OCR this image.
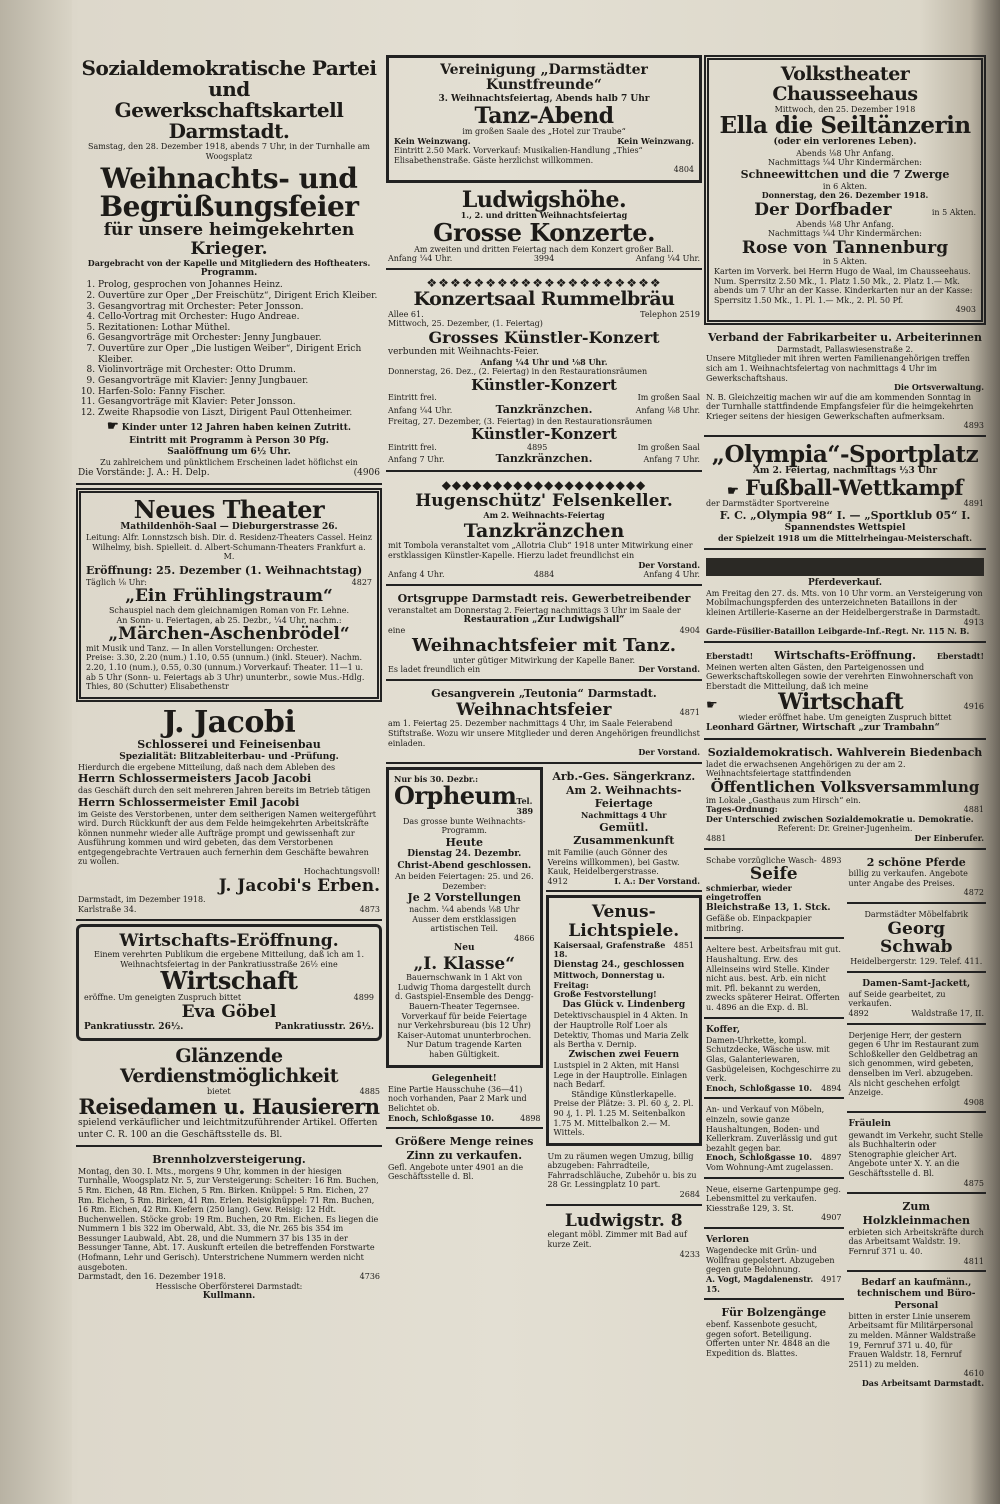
Sozialdemokratische Partei und
Gewerkschaftskartell Darmstadt.
Samstag, den 28. Dezember 1918, abends 7 Uhr, in der Turnhalle am Woogsplatz
Weihnachts- und
Begrüßungsfeier
für unsere heimgekehrten Krieger.
Dargebracht von der Kapelle und Mitgliedern des Hoftheaters.
Programm.
1. Prolog, gesprochen von Johannes Heinz.
2. Ouvertüre zur Oper „Der Freischütz“, Dirigent Erich Kleiber.
3. Gesangvortrag mit Orchester: Peter Jonsson.
4. Cello-Vortrag mit Orchester: Hugo Andreae.
5. Rezitationen: Lothar Müthel.
6. Gesangvorträge mit Orchester: Jenny Jungbauer.
7. Ouvertüre zur Oper „Die lustigen Weiber“, Dirigent Erich Kleiber.
8. Violinvorträge mit Orchester: Otto Drumm.
9. Gesangvorträge mit Klavier: Jenny Jungbauer.
10. Harfen-Solo: Fanny Fischer.
11. Gesangvorträge mit Klavier: Peter Jonsson.
12. Zweite Rhapsodie von Liszt, Dirigent Paul Ottenheimer.
☛ Kinder unter 12 Jahren haben keinen Zutritt.
Eintritt mit Programm à Person 30 Pfg.
Saalöffnung um 6½ Uhr.
Zu zahlreichem und pünktlichem Erscheinen ladet höflichst ein
Die Vorstände: J. A.: H. Delp.	(4906
Neues Theater
Mathildenhöh-Saal — Dieburgerstrasse 26.
Leitung: Alfr. Lonnstzsch bish. Dir. d. Residenz-Theaters Cassel. Heinz Wilhelmy, bish. Spielleit. d. Albert-Schumann-Theaters Frankfurt a. M.
Eröffnung: 25. Dezember (1. Weihnachtstag)
Täglich ⅛ Uhr:	4827
„Ein Frühlingstraum“
Schauspiel nach dem gleichnamigen Roman von Fr. Lehne.
An Sonn- u. Feiertagen, ab 25. Dezbr., ¼4 Uhr, nachm.:
„Märchen-Aschenbrödel“
mit Musik und Tanz. — In allen Vorstellungen: Orchester.
Preise: 3.30, 2.20 (num.) 1.10, 0.55 (unnum.) (inkl. Steuer). Nachm. 2.20, 1.10 (num.), 0.55, 0.30 (unnum.) Vorverkauf: Theater. 11—1 u. ab 5 Uhr (Sonn- u. Feiertags ab 3 Uhr) ununterbr., sowie Mus.-Hdlg. Thies, 80 (Schutter) Elisabethenstr
J. Jacobi
Schlosserei und Feineisenbau
Spezialität: Blitzableiterbau- und -Prüfung.
Hierdurch die ergebene Mitteilung, daß nach dem Ableben des
Herrn Schlossermeisters Jacob Jacobi
das Geschäft durch den seit mehreren Jahren bereits im Betrieb tätigen
Herrn Schlossermeister Emil Jacobi
im Geiste des Verstorbenen, unter dem seitherigen Namen weitergeführt wird. Durch Rückkunft der aus dem Felde heimgekehrten Arbeitskräfte können nunmehr wieder alle Aufträge prompt und gewissenhaft zur Ausführung kommen und wird gebeten, das dem Verstorbenen entgegengebrachte Vertrauen auch fernerhin dem Geschäfte bewahren zu wollen.
Hochachtungsvoll!
J. Jacobi's Erben.
Darmstadt, im Dezember 1918.
Karlstraße 34.	4873
Wirtschafts-Eröffnung.
Einem verehrten Publikum die ergebene Mitteilung, daß ich am 1. Weihnachtsfeiertag in der Pankratiusstraße 26½ eine
Wirtschaft
eröffne. Um geneigten Zuspruch bittet	4899
Eva Göbel
Pankratiusstr. 26½.	Pankratiusstr. 26½.
Glänzende Verdienstmöglichkeit
bietet	4885
Reisedamen u. Hausierern
spielend verkäuflicher und leichtmitzuführender Artikel. Offerten unter C. R. 100 an die Geschäftsstelle ds. Bl.
Brennholzversteigerung.
Montag, den 30. I. Mts., morgens 9 Uhr, kommen in der hiesigen Turnhalle, Woogsplatz Nr. 5, zur Versteigerung: Scheiter: 16 Rm. Buchen, 5 Rm. Eichen, 48 Rm. Eichen, 5 Rm. Birken. Knüppel: 5 Rm. Eichen, 27 Rm. Eichen, 5 Rm. Birken, 41 Rm. Erlen. Reisigknüppel: 71 Rm. Buchen, 16 Rm. Eichen, 42 Rm. Kiefern (250 lang). Gew. Reisig: 12 Hdt. Buchenwellen. Stöcke grob: 19 Rm. Buchen, 20 Rm. Eichen. Es liegen die Nummern 1 bis 322 im Oberwald, Abt. 33, die Nr. 265 bis 354 im Bessunger Laubwald, Abt. 28, und die Nummern 37 bis 135 in der Bessunger Tanne, Abt. 17. Auskunft erteilen die betreffenden Forstwarte (Hofmann, Lehr und Gerisch). Unterstrichene Nummern werden nicht ausgeboten.
Darmstadt, den 16. Dezember 1918.	4736
Hessische Oberförsterei Darmstadt:
Kullmann.
Vereinigung „Darmstädter Kunstfreunde“
3. Weihnachtsfeiertag, Abends halb 7 Uhr
Tanz-Abend
im großen Saale des „Hotel zur Traube“
Kein Weinzwang.	Kein Weinzwang.
Eintritt 2.50 Mark. Vorverkauf: Musikalien-Handlung „Thies“ Elisabethenstraße. Gäste herzlichst willkommen.
4804
Ludwigshöhe.
1., 2. und dritten Weihnachtsfeiertag
Grosse Konzerte.
Am zweiten und dritten Feiertag nach dem Konzert großer Ball.
Anfang ¼4 Uhr.	3994	Anfang ¼4 Uhr.
❖❖❖❖❖❖❖❖❖❖❖❖❖❖❖❖❖❖❖❖
Konzertsaal Rummelbräu
Allee 61.	Telephon 2519
Mittwoch, 25. Dezember, (1. Feiertag)
Grosses Künstler-Konzert
verbunden mit Weihnachts-Feier.
Anfang ¼4 Uhr und ⅛8 Uhr.
Donnerstag, 26. Dez., (2. Feiertag) in den Restaurationsräumen
Künstler-Konzert
Eintritt frei.	Im großen Saal
Anfang ¼4 Uhr.	Tanzkränzchen.	Anfang ⅛8 Uhr.
Freitag, 27. Dezember, (3. Feiertag) in den Restaurationsräumen
Künstler-Konzert
Eintritt frei.	4895	Im großen Saal
Anfang 7 Uhr.	Tanzkränzchen.	Anfang 7 Uhr.
◆◆◆◆◆◆◆◆◆◆◆◆◆◆◆◆◆◆◆◆
Hugenschütz' Felsenkeller.
Am 2. Weihnachts-Feiertag
Tanzkränzchen
mit Tombola veranstaltet vom „Allotria Club“ 1918 unter Mitwirkung einer erstklassigen Künstler-Kapelle. Hierzu ladet freundlichst ein
Der Vorstand.
Anfang 4 Uhr.	4884	Anfang 4 Uhr.
Ortsgruppe Darmstadt reis. Gewerbetreibender
veranstaltet am Donnerstag 2. Feiertag nachmittags 3 Uhr im Saale der
Restauration „Zur Ludwigshall“
eine	4904
Weihnachtsfeier mit Tanz.
unter gütiger Mitwirkung der Kapelle Baner.
Es ladet freundlich ein	Der Vorstand.
Gesangverein „Teutonia“ Darmstadt.
Weihnachtsfeier	4871
am 1. Feiertag 25. Dezember nachmittags 4 Uhr, im Saale Feierabend Stiftstraße. Wozu wir unsere Mitglieder und deren Angehörigen freundlichst einladen.
Der Vorstand.
Nur bis 30. Dezbr.:
Orpheum Tel. 389
Das grosse bunte Weihnachts-Programm.
Heute
Dienstag 24. Dezembr.
Christ-Abend geschlossen.
An beiden Feiertagen: 25. und 26. Dezember:
Je 2 Vorstellungen
nachm. ¼4 abends ⅛8 Uhr
Ausser dem erstklassigen artistischen Teil.
4866
Neu
„I. Klasse“
Bauernschwank in 1 Akt von Ludwig Thoma dargestellt durch d. Gastspiel-Ensemble des Dengg-Bauern-Theater Tegernsee.
Vorverkauf für beide Feiertage nur Verkehrsbureau (bis 12 Uhr) Kaiser-Automat ununterbrochen.
Nur Datum tragende Karten haben Gültigkeit.
Gelegenheit!
Eine Partie Hausschuhe (36—41) noch vorhanden, Paar 2 Mark und Belichtet ob.
Enoch, Schloßgasse 10.	4898
Größere Menge reines Zinn zu verkaufen.
Gefl. Angebote unter 4901 an die Geschäftsstelle d. Bl.
Arb.-Ges. Sängerkranz.
Am 2. Weihnachts-Feiertage
Nachmittags 4 Uhr
Gemütl. Zusammenkunft
mit Familie (auch Gönner des Vereins willkommen), bei Gastw. Kauk, Heidelbergerstrasse.
4912	I. A.: Der Vorstand.
Venus-Lichtspiele.
Kaisersaal, Grafenstraße 18.
4851
Dienstag 24., geschlossen
Mittwoch, Donnerstag u. Freitag:
Große Festvorstellung!
Das Glück v. Lindenberg
Detektivschauspiel in 4 Akten. In der Hauptrolle Rolf Loer als Detektiv, Thomas und Maria Zelk als Bertha v. Dernip.
Zwischen zwei Feuern
Lustspiel in 2 Akten, mit Hansi Lege in der Hauptrolle. Einlagen nach Bedarf.
Ständige Künstlerkapelle.
Preise der Plätze: 3. Pl. 60 ₰, 2. Pl. 90 ₰, 1. Pl. 1.25 M. Seitenbalkon 1.75 M. Mittelbalkon 2.— M. Wittels.
Um zu räumen wegen Umzug, billig abzugeben: Fahrradteile, Fahrradschläuche, Zubehör u. bis zu 28 Gr. Lessingplatz 10 part.
2684
Ludwigstr. 8
elegant möbl. Zimmer mit Bad auf kurze Zeit.
4233
Volkstheater Chausseehaus
Mittwoch, den 25. Dezember 1918
Ella die Seiltänzerin
(oder ein verlorenes Leben).
Abends ⅛8 Uhr Anfang.
Nachmittags ¼4 Uhr Kindermärchen:
Schneewittchen und die 7 Zwerge
in 6 Akten.
Donnerstag, den 26. Dezember 1918.
Der Dorfbader	in 5 Akten.
Abends ⅛8 Uhr Anfang.
Nachmittags ¼4 Uhr Kindermärchen:
Rose von Tannenburg
in 5 Akten.
Karten im Vorverk. bei Herrn Hugo de Waal, im Chausseehaus. Num. Sperrsitz 2.50 Mk., 1. Platz 1.50 Mk., 2. Platz 1.— Mk. abends um 7 Uhr an der Kasse. Kinderkarten nur an der Kasse: Sperrsitz 1.50 Mk., 1. Pl. 1.— Mk., 2. Pl. 50 Pf.
4903
Verband der Fabrikarbeiter u. Arbeiterinnen
Darmstadt, Pallaswiesenstraße 2.
Unsere Mitglieder mit ihren werten Familienangehörigen treffen sich am 1. Weihnachtsfeiertag von nachmittags 4 Uhr im Gewerkschaftshaus.
Die Ortsverwaltung.
N. B. Gleichzeitig machen wir auf die am kommenden Sonntag in der Turnhalle stattfindende Empfangsfeier für die heimgekehrten Krieger seitens der hiesigen Gewerkschaften aufmerksam.
4893
„Olympia“-Sportplatz
Am 2. Feiertag, nachmittags ½3 Uhr
☛ Fußball-Wettkampf
der Darmstädter Sportvereine	4891
F. C. „Olympia 98“ I. — „Sportklub 05“ I.
Spannendstes Wettspiel
der Spielzeit 1918 um die Mittelrheingau-Meisterschaft.
Pferdeverkauf.
Am Freitag den 27. ds. Mts. von 10 Uhr vorm. an Versteigerung von Mobilmachungspferden des unterzeichneten Bataillons in der kleinen Artillerie-Kaserne an der Heidelbergerstraße in Darmstadt.
4913
Garde-Füsilier-Bataillon Leibgarde-Inf.-Regt. Nr. 115 N. B.
Eberstadt! Wirtschafts-Eröffnung.	Eberstadt!
Meinen werten alten Gästen, den Parteigenossen und Gewerkschaftskollegen sowie der verehrten Einwohnerschaft von Eberstadt die Mitteilung, daß ich meine
☛	Wirtschaft	4916
wieder eröffnet habe. Um geneigten Zuspruch bittet
Leonhard Gärtner, Wirtschaft „zur Trambahn“
Sozialdemokratisch. Wahlverein Biedenbach
ladet die erwachsenen Angehörigen zu der am 2. Weihnachtsfeiertage stattfindenden
Öffentlichen Volksversammlung
im Lokale „Gasthaus zum Hirsch“ ein.
Tages-Ordnung:	4881
Der Unterschied zwischen Sozialdemokratie u. Demokratie.
Referent: Dr. Greiner-Jugenheim.
4881	Der Einberufer.
Schabe vorzügliche Wasch- 4893
Seife
schmierbar, wieder eingetroffen
Bleichstraße 13, 1. Stck.
Gefäße ob. Einpackpapier mitbring.
Aeltere best. Arbeitsfrau mit gut. Haushaltung. Erw. des Alleinseins wird Stelle. Kinder nicht aus. best. Arb. ein nicht mit. Pfl. bekannt zu werden, zwecks späterer Heirat. Offerten u. 4896 an die Exp. d. Bl.
Koffer,
Damen-Uhrkette, kompl. Schutzdecke, Wäsche usw. mit Glas, Galanteriewaren, Gasbügeleisen, Kochgeschirre zu verk.
Enoch, Schloßgasse 10. 4894
An- und Verkauf von Möbeln, einzeln, sowie ganze Haushaltungen, Boden- und Kellerkram. Zuverlässig und gut bezahlt gegen bar.
Enoch, Schloßgasse 10. 4897
Vom Wohnung-Amt zugelassen.
Neue, eiserne Gartenpumpe geg. Lebensmittel zu verkaufen. Kiesstraße 129, 3. St.
4907
Verloren
Wagendecke mit Grün- und Wollfrau gepolstert. Abzugeben gegen gute Belohnung.
A. Vogt, Magdalenenstr. 15.
4917
Für Bolzengänge
ebenf. Kassenbote gesucht, gegen sofort. Beteiligung. Offerten unter Nr. 4848 an die Expedition ds. Blattes.
2 schöne Pferde
billig zu verkaufen. Angebote unter Angabe des Preises.
4872
Darmstädter Möbelfabrik
Georg Schwab
Heidelbergerstr. 129. Telef. 411.
Damen-Samt-Jackett,
auf Seide gearbeitet, zu verkaufen.
4892	Waldstraße 17, II.
Derjenige Herr, der gestern gegen 6 Uhr im Restaurant zum Schloßkeller den Geldbetrag an sich genommen, wird gebeten, denselben im Verl. abzugeben. Als nicht geschehen erfolgt Anzeige.
4908
Fräulein
gewandt im Verkehr, sucht Stelle als Buchhalterin oder Stenographie gleicher Art. Angebote unter X. Y. an die Geschäftsstelle d. Bl.
4875
Zum Holzkleinmachen
erbieten sich Arbeitskräfte durch das Arbeitsamt Waldstr. 19. Fernruf 371 u. 40.
4811
Bedarf an kaufmänn., technischem und Büro-Personal
bitten in erster Linie unserem Arbeitsamt für Militärpersonal zu melden. Männer Waldstraße 19, Fernruf 371 u. 40, für Frauen Waldstr. 18, Fernruf 2511) zu melden.
4610
Das Arbeitsamt Darmstadt.
